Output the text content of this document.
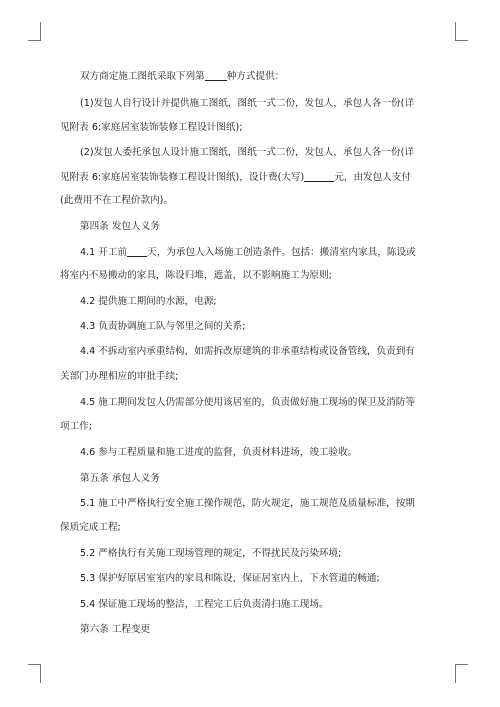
双方商定施工图纸采取下列第 种方式提供：
(1)发包人自行设计并提供施工图纸，图纸一式二份，发包人，承包人各一份(详
见附表 6:家庭居室装饰装修工程设计图纸);
(2)发包人委托承包人设计施工图纸，图纸一式二份，发包人，承包人各一份(详
见附表 6:家庭居室装饰装修工程设计图纸)，设计费(大写)	元，由发包人支付
(此费用不在工程价款内)。
第四条 发包人义务
4.1 开工前 天，为承包人入场施工创造条件。包括：搬清室内家具，陈设或
将室内不易搬动的家具，陈设归堆，遮盖，以不影响施工为原则;
4.2 提供施工期间的水源，电源;
4.3 负责协调施工队与邻里之间的关系;
4.4 不拆动室内承重结构，如需拆改原建筑的非承重结构或设备管线，负责到有
关部门办理相应的审批手续;
4.5 施工期间发包人仍需部分使用该居室的，负责做好施工现场的保卫及消防等
项工作;
4.6 参与工程质量和施工进度的监督，负责材料进场，竣工验收。
第五条 承包人义务
5.1 施工中严格执行安全施工操作规范，防火规定，施工规范及质量标准，按期
保质完成工程;
5.2 严格执行有关施工现场管理的规定，不得扰民及污染环境;
5.3 保护好原居室室内的家具和陈设，保证居室内上，下水管道的畅通;
5.4 保证施工现场的整洁，工程完工后负责清扫施工现场。
第六条 工程变更
